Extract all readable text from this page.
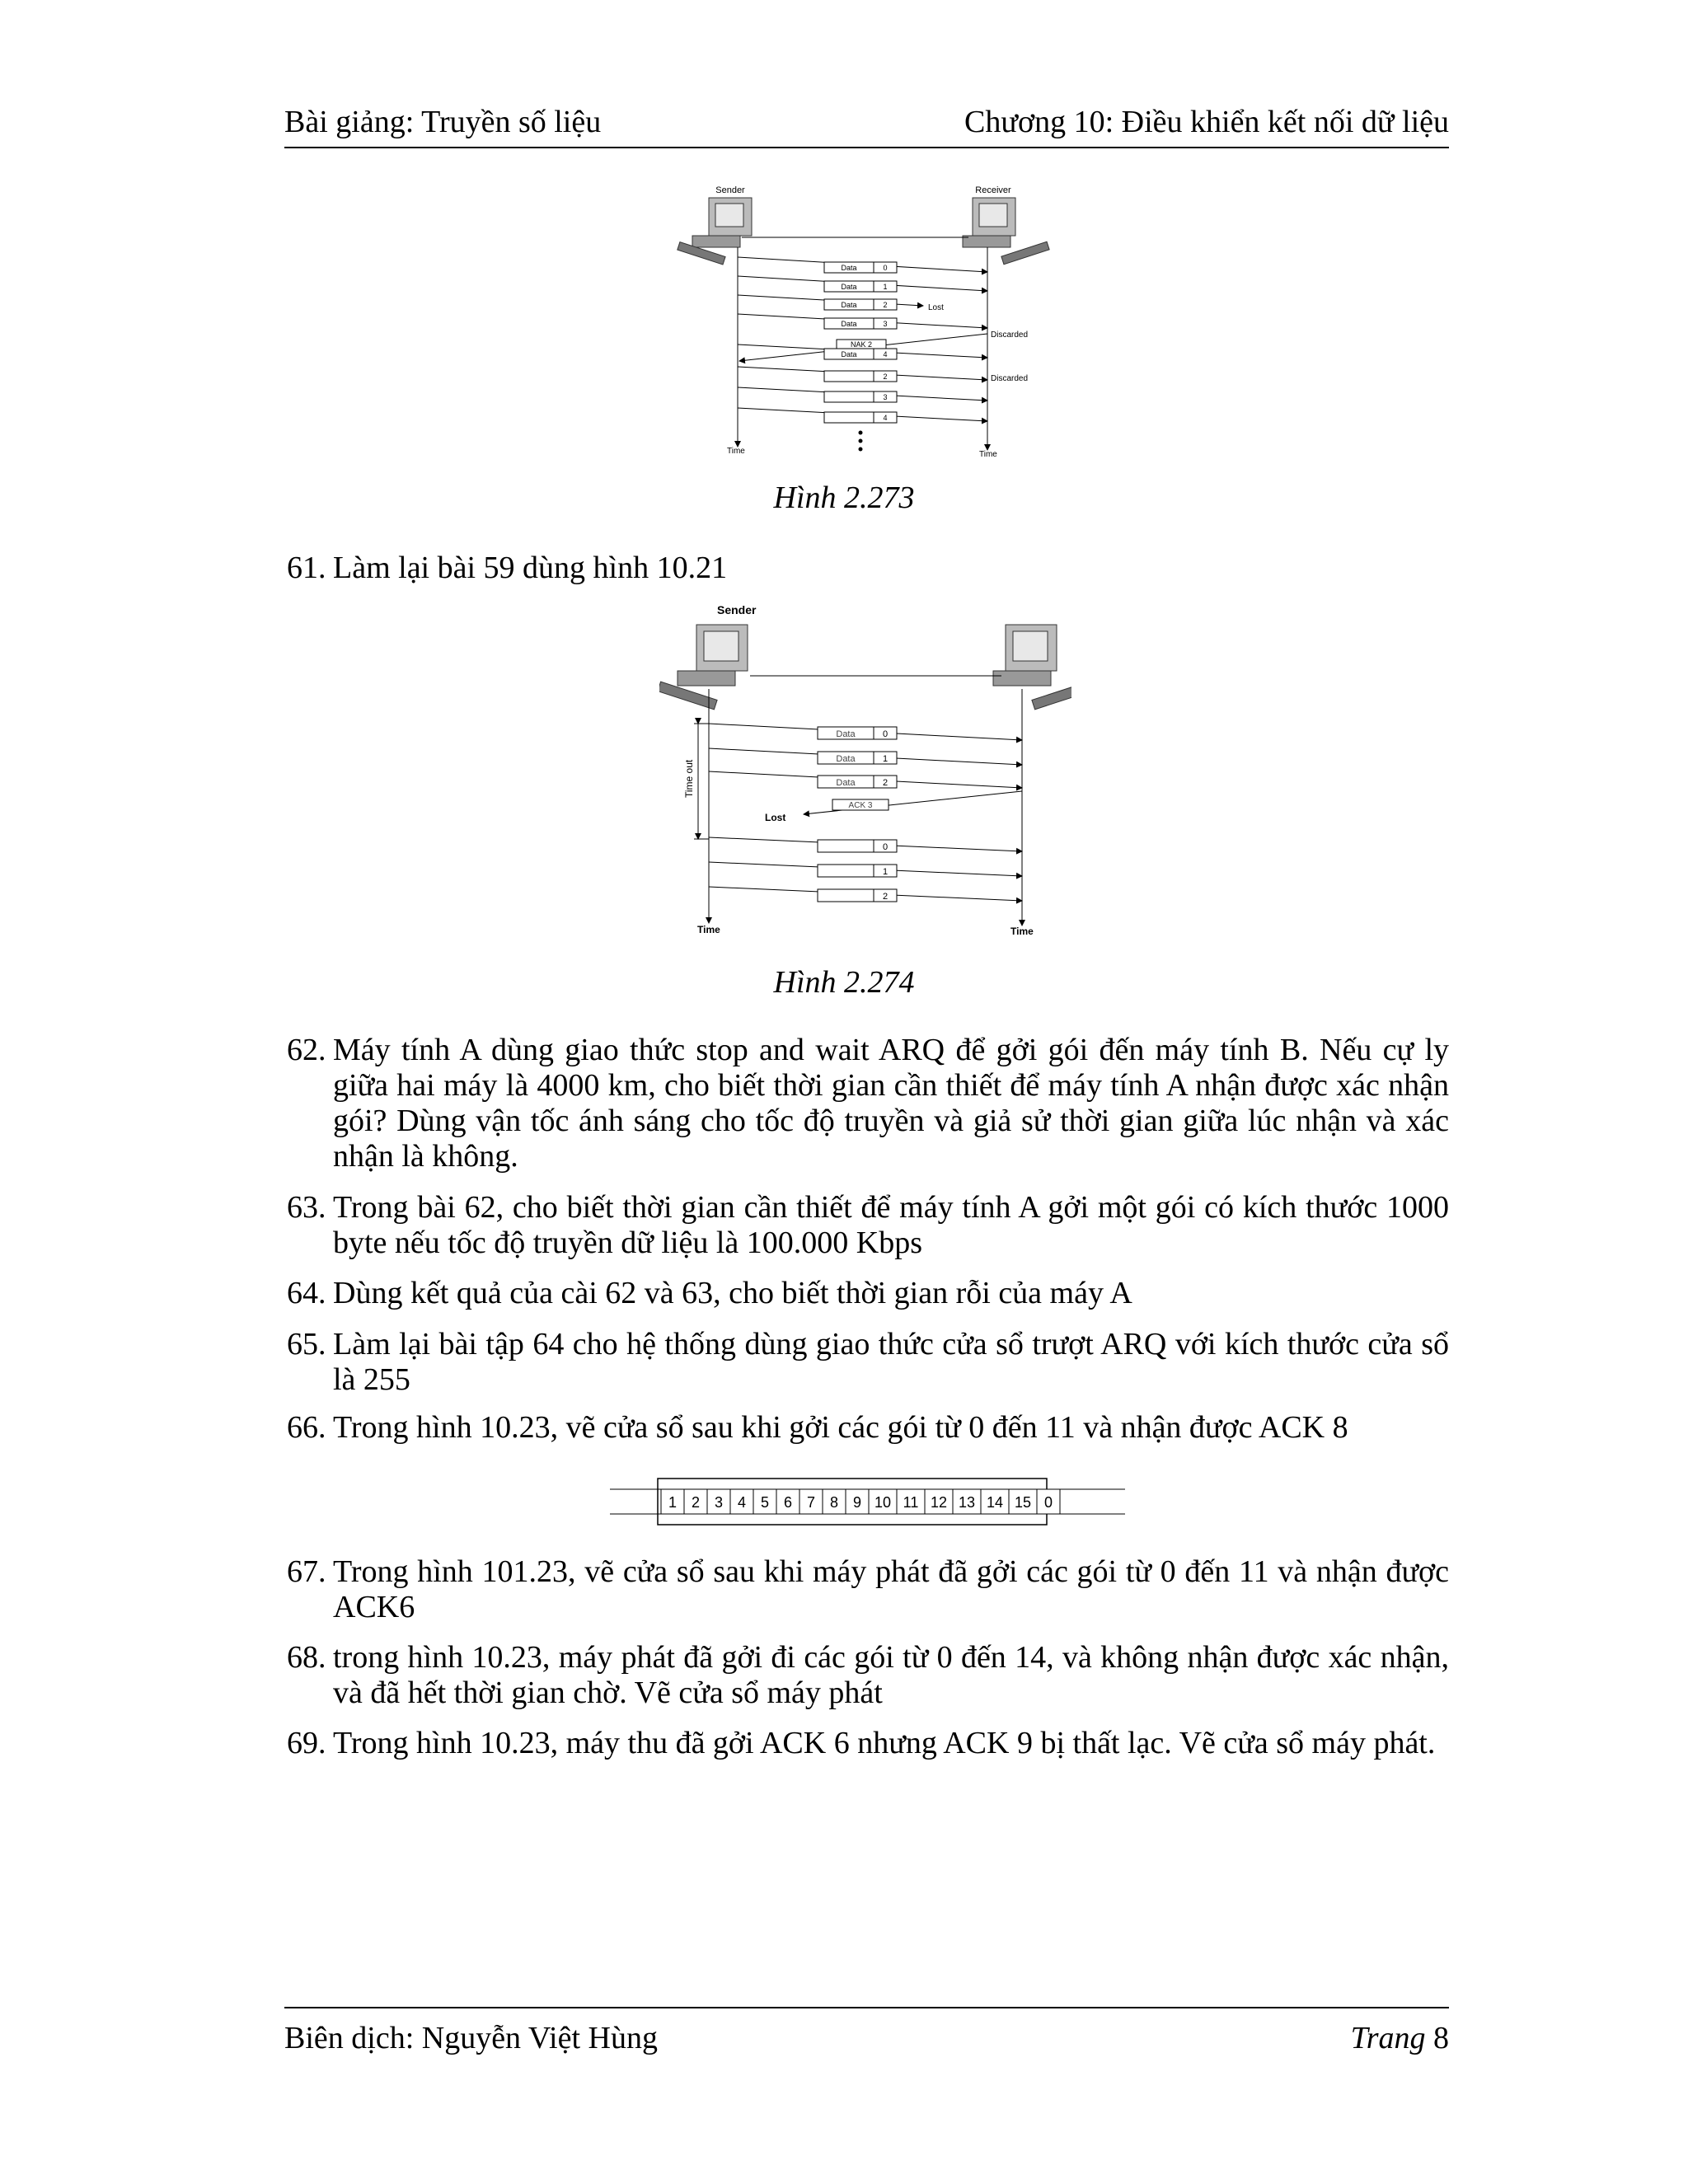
Bài giảng: Truyền số liệu	Chương 10: Điều khiển kết nối dữ liệu
Sender	Receiver
Data	0
Data	1
Data	2	Lost
Data	3
Discarded
NAK 2
Data	4
2	Discarded
3
4
Time	Time
Hình 2.273
61. Làm lại bài 59 dùng hình 10.21
Sender
Time out
Data	0
Data	1
Data	2
ACK 3
Lost
0
1
2
Time	Time
Hình 2.274
62. Máy tính A dùng giao thức stop and wait ARQ để gởi gói đến máy tính B. Nếu cự ly giữa hai máy là 4000 km, cho biết thời gian cần thiết để máy tính A nhận được xác nhận gói? Dùng vận tốc ánh sáng cho tốc độ truyền và giả sử thời gian giữa lúc nhận và xác nhận là không.
63. Trong bài 62, cho biết thời gian cần thiết để máy tính A gởi một gói có kích thước 1000 byte nếu tốc độ truyền dữ liệu là 100.000 Kbps
64. Dùng kết quả của cài 62 và 63, cho biết thời gian rỗi của máy A
65. Làm lại bài tập 64 cho hệ thống dùng giao thức cửa sổ trượt ARQ với kích thước cửa sổ là 255
66. Trong hình 10.23, vẽ cửa sổ sau khi gởi các gói từ 0 đến 11 và nhận được ACK 8
1 2 3 4 5 6 7 8 9 10 11 12 13 14 15 0
67. Trong hình 101.23, vẽ cửa sổ sau khi máy phát đã gởi các gói từ 0 đến 11 và nhận được ACK6
68. trong hình 10.23, máy phát đã gởi đi các gói từ 0 đến 14, và không nhận được xác nhận, và đã hết thời gian chờ. Vẽ cửa sổ máy phát
69. Trong hình 10.23, máy thu đã gởi ACK 6 nhưng ACK 9 bị thất lạc. Vẽ cửa sổ máy phát.
Biên dịch: Nguyễn Việt Hùng	Trang 8
